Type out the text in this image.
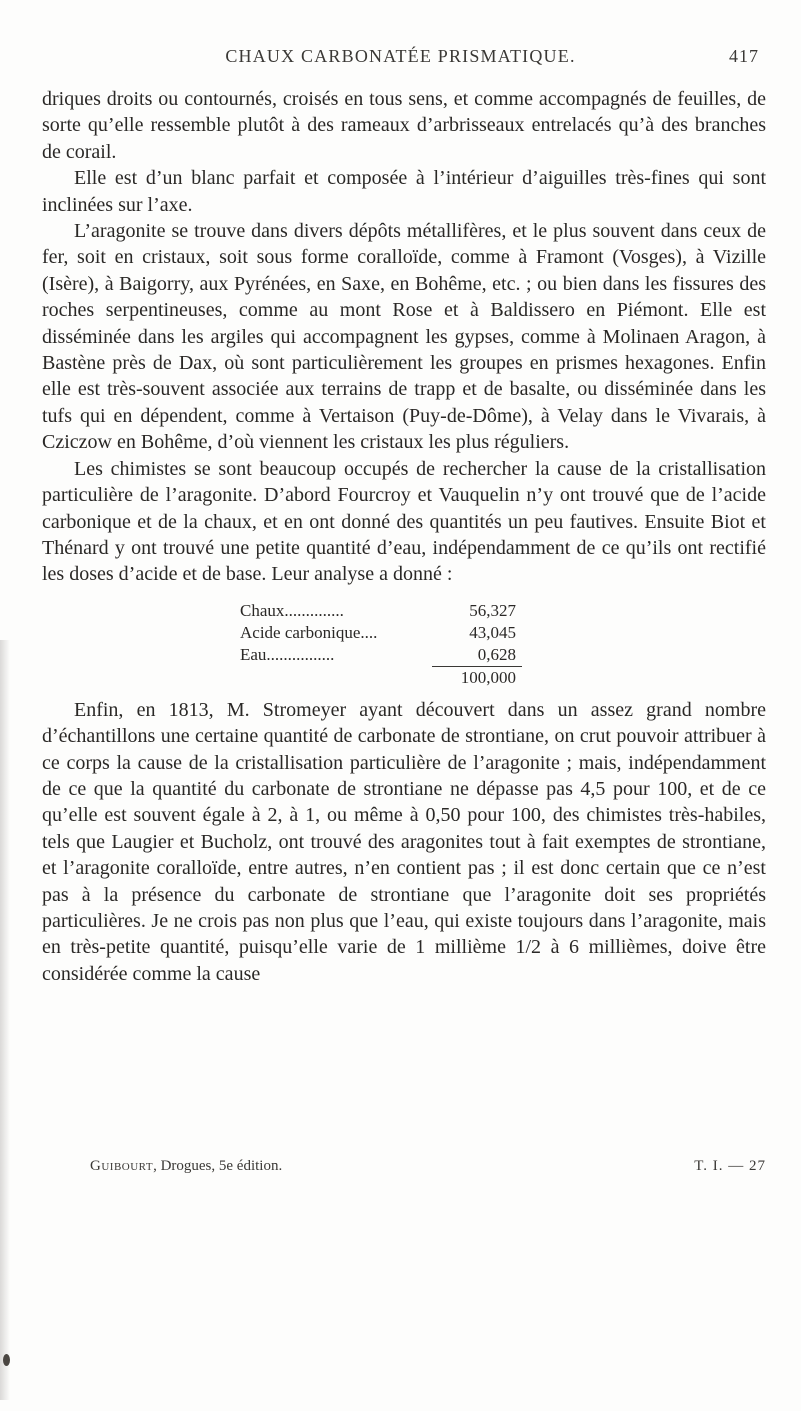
CHAUX CARBONATÉE PRISMATIQUE.	417

driques droits ou contournés, croisés en tous sens, et comme accompagnés de feuilles, de sorte qu’elle ressemble plutôt à des rameaux d’arbrisseaux entrelacés qu’à des branches de corail.

Elle est d’un blanc parfait et composée à l’intérieur d’aiguilles très-fines qui sont inclinées sur l’axe.

L’aragonite se trouve dans divers dépôts métallifères, et le plus souvent dans ceux de fer, soit en cristaux, soit sous forme coralloïde, comme à Framont (Vosges), à Vizille (Isère), à Baigorry, aux Pyrénées, en Saxe, en Bohême, etc. ; ou bien dans les fissures des roches serpentineuses, comme au mont Rose et à Baldissero en Piémont. Elle est disséminée dans les argiles qui accompagnent les gypses, comme à Molinaen Aragon, à Bastène près de Dax, où sont particulièrement les groupes en prismes hexagones. Enfin elle est très-souvent associée aux terrains de trapp et de basalte, ou disséminée dans les tufs qui en dépendent, comme à Vertaison (Puy-de-Dôme), à Velay dans le Vivarais, à Cziczow en Bohême, d’où viennent les cristaux les plus réguliers.

Les chimistes se sont beaucoup occupés de rechercher la cause de la cristallisation particulière de l’aragonite. D’abord Fourcroy et Vauquelin n’y ont trouvé que de l’acide carbonique et de la chaux, et en ont donné des quantités un peu fautives. Ensuite Biot et Thénard y ont trouvé une petite quantité d’eau, indépendamment de ce qu’ils ont rectifié les doses d’acide et de base. Leur analyse a donné :

Chaux..............	56,327
Acide carbonique....	43,045
Eau................	0,628
100,000

Enfin, en 1813, M. Stromeyer ayant découvert dans un assez grand nombre d’échantillons une certaine quantité de carbonate de strontiane, on crut pouvoir attribuer à ce corps la cause de la cristallisation particulière de l’aragonite ; mais, indépendamment de ce que la quantité du carbonate de strontiane ne dépasse pas 4,5 pour 100, et de ce qu’elle est souvent égale à 2, à 1, ou même à 0,50 pour 100, des chimistes très-habiles, tels que Laugier et Bucholz, ont trouvé des aragonites tout à fait exemptes de strontiane, et l’aragonite coralloïde, entre autres, n’en contient pas ; il est donc certain que ce n’est pas à la présence du carbonate de strontiane que l’aragonite doit ses propriétés particulières. Je ne crois pas non plus que l’eau, qui existe toujours dans l’aragonite, mais en très-petite quantité, puisqu’elle varie de 1 millième 1/2 à 6 millièmes, doive être considérée comme la cause

Guibourt, Drogues, 5e édition.	T. I. — 27
